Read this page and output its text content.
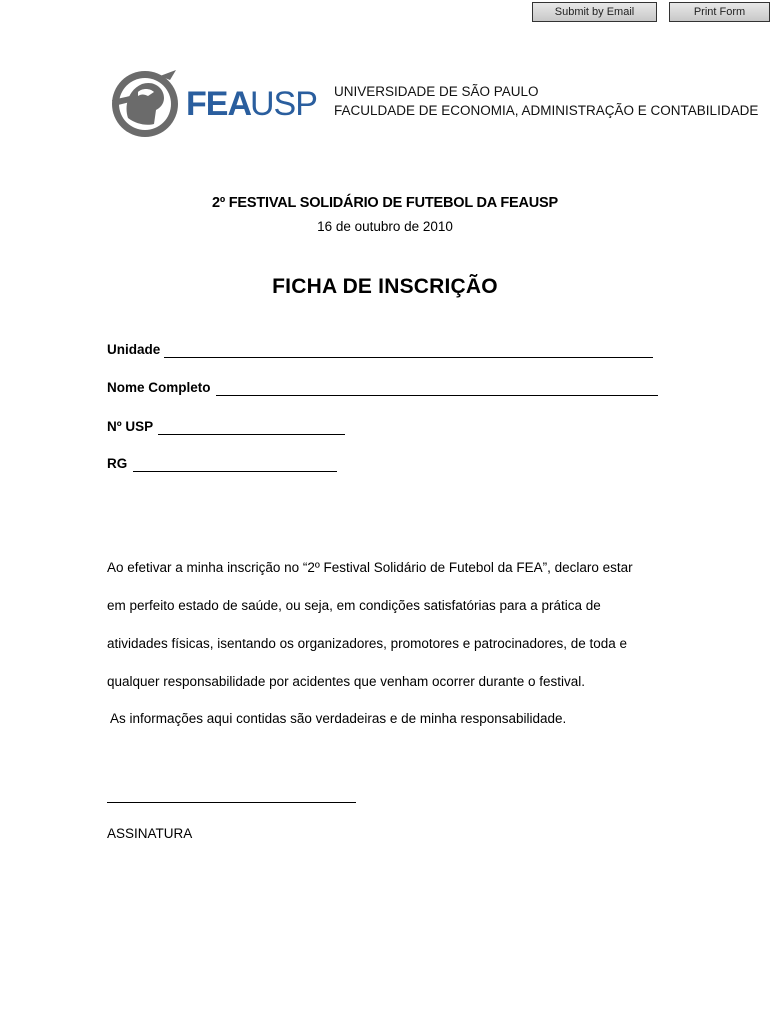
Submit by Email	Print Form
FEA USP UNIVERSIDADE DE SÃO PAULO
FACULDADE DE ECONOMIA, ADMINISTRAÇÃO E CONTABILIDADE
2º FESTIVAL SOLIDÁRIO DE FUTEBOL DA FEAUSP
16 de outubro de 2010
FICHA DE INSCRIÇÃO
Unidade
Nome Completo
Nº USP
RG
Ao efetivar a minha inscrição no “2º Festival Solidário de Futebol da FEA”, declaro estar
em perfeito estado de saúde, ou seja, em condições satisfatórias para a prática de
atividades físicas, isentando os organizadores, promotores e patrocinadores, de toda e
qualquer responsabilidade por acidentes que venham ocorrer durante o festival.
As informações aqui contidas são verdadeiras e de minha responsabilidade.
ASSINATURA
